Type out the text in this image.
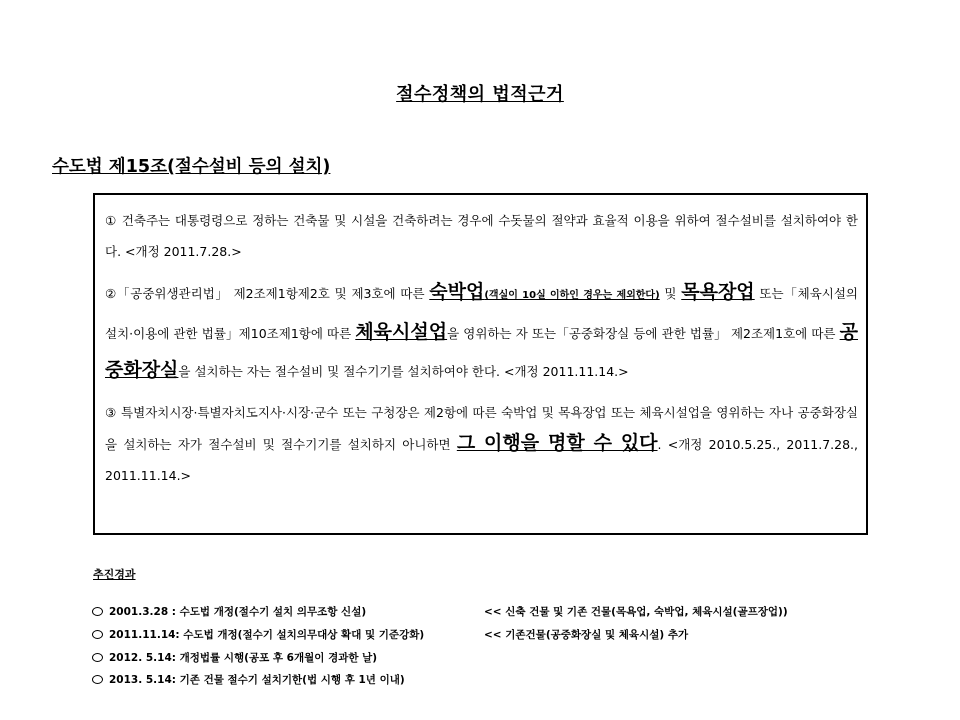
절수정책의 법적근거
수도법 제15조(절수설비 등의 설치)

① 건축주는 대통령령으로 정하는 건축물 및 시설을 건축하려는 경우에 수돗물의 절약과 효율적 이용을 위하여 절수설비를 설치하여야 한다. <개정 2011.7.28.>

②「공중위생관리법」 제2조제1항제2호 및 제3호에 따른 숙박업(객실이 10실 이하인 경우는 제외한다) 및 목욕장업 또는「체육시설의 설치·이용에 관한 법률」제10조제1항에 따른 체육시설업을 영위하는 자 또는「공중화장실 등에 관한 법률」 제2조제1호에 따른 공중화장실을 설치하는 자는 절수설비 및 절수기기를 설치하여야 한다. <개정 2011.11.14.>

③ 특별자치시장·특별자치도지사·시장·군수 또는 구청장은 제2항에 따른 숙박업 및 목욕장업 또는 체육시설업을 영위하는 자나 공중화장실을 설치하는 자가 절수설비 및 절수기기를 설치하지 아니하면 그 이행을 명할 수 있다. <개정 2010.5.25., 2011.7.28., 2011.11.14.>

추진경과
2001.3.28 : 수도법 개정(절수기 설치 의무조항 신설)	<< 신축 건물 및 기존 건물(목욕업, 숙박업, 체육시설(골프장업))
2011.11.14: 수도법 개정(절수기 설치의무대상 확대 및 기준강화)	<< 기존건물(공중화장실 및 체육시설) 추가
2012. 5.14: 개정법률 시행(공포 후 6개월이 경과한 날)
2013. 5.14: 기존 건물 절수기 설치기한(법 시행 후 1년 이내)
